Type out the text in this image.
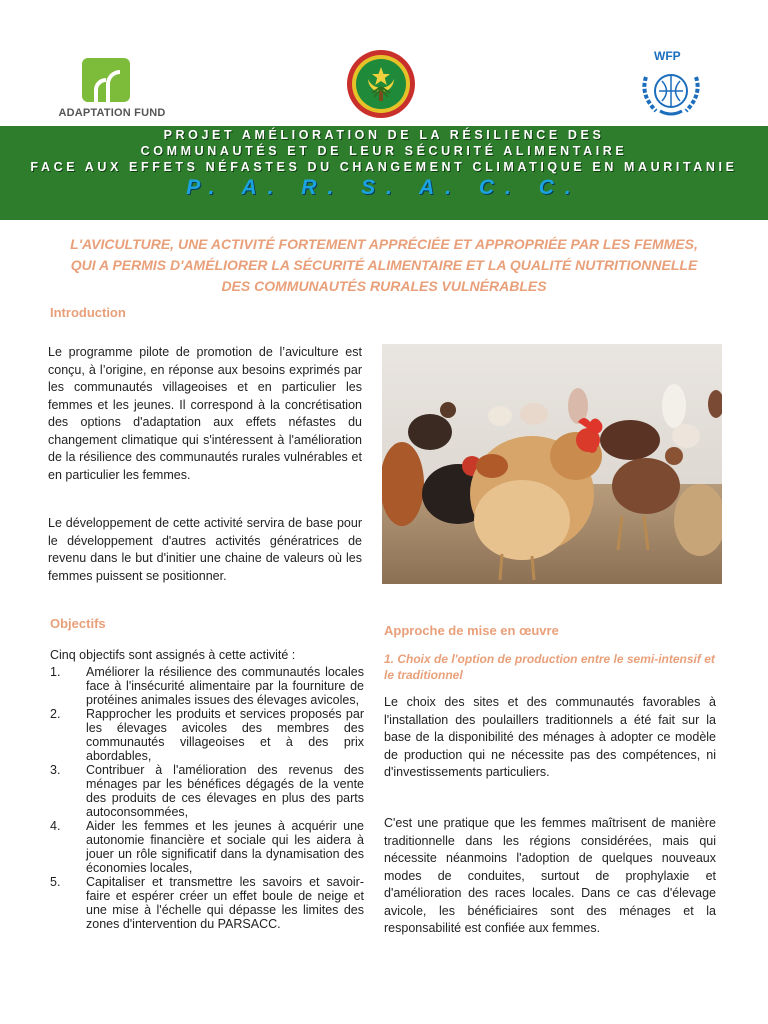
ADAPTATION FUND
WFP
PROJET AMÉLIORATION DE LA RÉSILIENCE DES
COMMUNAUTÉS ET DE LEUR SÉCURITÉ ALIMENTAIRE
FACE AUX EFFETS NÉFASTES DU CHANGEMENT CLIMATIQUE EN MAURITANIE
P. A. R. S. A. C. C.
L'AVICULTURE, UNE ACTIVITÉ FORTEMENT APPRÉCIÉE ET APPROPRIÉE PAR LES FEMMES, QUI A PERMIS D'AMÉLIORER LA SÉCURITÉ ALIMENTAIRE ET LA QUALITÉ NUTRITIONNELLE DES COMMUNAUTÉS RURALES VULNÉRABLES
Introduction
Le programme pilote de promotion de l’aviculture est conçu, à l’origine, en réponse aux besoins exprimés par les communautés villageoises et en particulier les femmes et les jeunes. Il correspond à la concrétisation des options d'adaptation aux effets néfastes du changement climatique qui s'intéressent à l'amélioration de la résilience des communautés rurales vulnérables et en particulier les femmes.
Le développement de cette activité servira de base pour le développement d'autres activités génératrices de revenu dans le but d'initier une chaine de valeurs où les femmes puissent se positionner.
Objectifs
Cinq objectifs sont assignés à cette activité :
1. Améliorer la résilience des communautés locales face à l'insécurité alimentaire par la fourniture de protéines animales issues des élevages avicoles,
2. Rapprocher les produits et services proposés par les élevages avicoles des membres des communautés villageoises et à des prix abordables,
3. Contribuer à l'amélioration des revenus des ménages par les bénéfices dégagés de la vente des produits de ces élevages en plus des parts autoconsommées,
4. Aider les femmes et les jeunes à acquérir une autonomie financière et sociale qui les aidera à jouer un rôle significatif dans la dynamisation des économies locales,
5. Capitaliser et transmettre les savoirs et savoir-faire et espérer créer un effet boule de neige et une mise à l'échelle qui dépasse les limites des zones d'intervention du PARSACC.
Approche de mise en œuvre
1. Choix de l'option de production entre le semi-intensif et le traditionnel
Le choix des sites et des communautés favorables à l'installation des poulaillers traditionnels a été fait sur la base de la disponibilité des ménages à adopter ce modèle de production qui ne nécessite pas des compétences, ni d'investissements particuliers.
C'est une pratique que les femmes maîtrisent de manière traditionnelle dans les régions considérées, mais qui nécessite néanmoins l'adoption de quelques nouveaux modes de conduites, surtout de prophylaxie et d'amélioration des races locales. Dans ce cas d'élevage avicole, les bénéficiaires sont des ménages et la responsabilité est confiée aux femmes.
